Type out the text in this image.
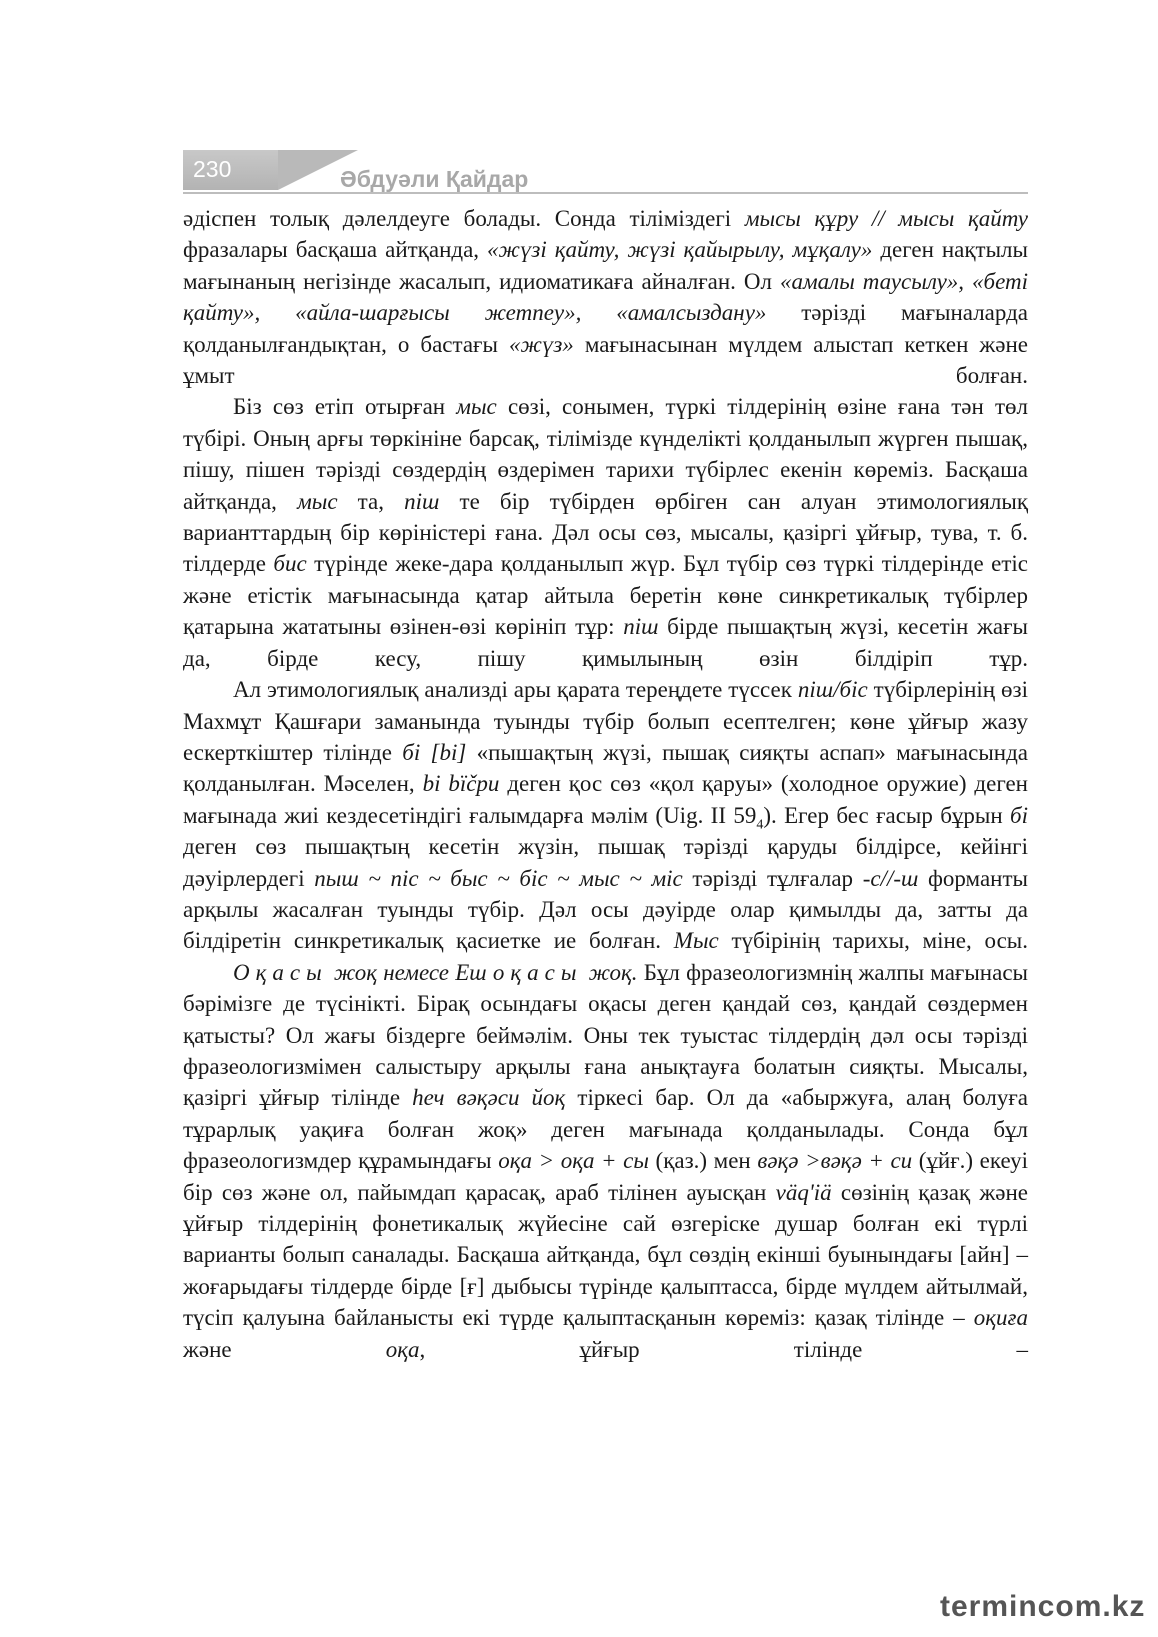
230	Әбдуәли Қайдар

әдіспен толық дәлелдеуге болады. Сонда тіліміздегі мысы құру // мысы қайту фразалары басқаша айтқанда, «жүзі қайту, жүзі қайырылу, мұқалу» деген нақтылы мағынаның негізінде жасалып, идиоматикаға айналған. Ол «амалы таусылу», «беті қайту», «айла-шарғысы жетпеу», «амалсыздану» тәрізді мағыналарда қолданылғандықтан, о бастағы «жүз» мағынасынан мүлдем алыстап кеткен және ұмыт болған.

Біз сөз етіп отырған мыс сөзі, сонымен, түркі тілдерінің өзіне ғана тән төл түбірі. Оның арғы төркініне барсақ, тілімізде күнделікті қолданылып жүрген пышақ, пішу, пішен тәрізді сөздердің өздерімен тарихи түбірлес екенін көреміз. Басқаша айтқанда, мыс та, піш те бір түбірден өрбіген сан алуан этимологиялық варианттардың бір көріністері ғана. Дәл осы сөз, мысалы, қазіргі ұйғыр, тува, т. б. тілдерде бис түрінде жеке-дара қолданылып жүр. Бұл түбір сөз түркі тілдерінде етіс және етістік мағынасында қатар айтыла беретін көне синкретикалық түбірлер қатарына жататыны өзінен-өзі көрініп тұр: піш бірде пышақтың жүзі, кесетін жағы да, бірде кесу, пішу қимылының өзін білдіріп тұр.

Ал этимологиялық анализді ары қарата тереңдете түссек піш/біс түбірлерінің өзі Махмұт Қашғари заманында туынды түбір болып есептелген; көне ұйғыр жазу ескерткіштер тілінде бі [bi] «пышақтың жүзі, пышақ сияқты аспап» мағынасында қолданылған. Мәселен, bi bïčри деген қос сөз «қол қаруы» (холодное оружие) деген мағынада жиі кездесетіндігі ғалымдарға мәлім (Uig. II $59_4$). Егер бес ғасыр бұрын бі деген сөз пышақтың кесетін жүзін, пышақ тәрізді қаруды білдірсе, кейінгі дәуірлердегі пыш ~ піс ~ быс ~ біс ~ мыс ~ міс тәрізді тұлғалар -с//-ш форманты арқылы жасалған туынды түбір. Дәл осы дәуірде олар қимылды да, затты да білдіретін синкретикалық қасиетке ие болған. Мыс түбірінің тарихы, міне, осы.

Оқасы жоқ немесе Еш оқасы жоқ. Бұл фразеологизмнің жалпы мағынасы бәрімізге де түсінікті. Бірақ осындағы оқасы деген қандай сөз, қандай сөздермен қатысты? Ол жағы біздерге беймәлім. Оны тек туыстас тілдердің дәл осы тәрізді фразеологизмімен салыстыру арқылы ғана анықтауға болатын сияқты. Мысалы, қазіргі ұйғыр тілінде һеч вәқәси йоқ тіркесі бар. Ол да «абыржуға, алаң болуға тұрарлық уақиға болған жоқ» деген мағынада қолданылады. Сонда бұл фразеологизмдер құрамындағы оқа > оқа + сы (қаз.) мен вәқә >вәқә + си (ұйғ.) екеуі бір сөз және ол, пайымдап қарасақ, араб тілінен ауысқан väq'iä сөзінің қазақ және ұйғыр тілдерінің фонетикалық жүйесіне сай өзгеріске душар болған екі түрлі варианты болып саналады. Басқаша айтқанда, бұл сөздің екінші буынындағы [айн] – жоғарыдағы тілдерде бірде [ғ] дыбысы түрінде қалыптасса, бірде мүлдем айтылмай, түсіп қалуына байланысты екі түрде қалыптасқанын көреміз: қазақ тілінде – оқиға және оқа, ұйғыр тілінде –

termincom.kz
